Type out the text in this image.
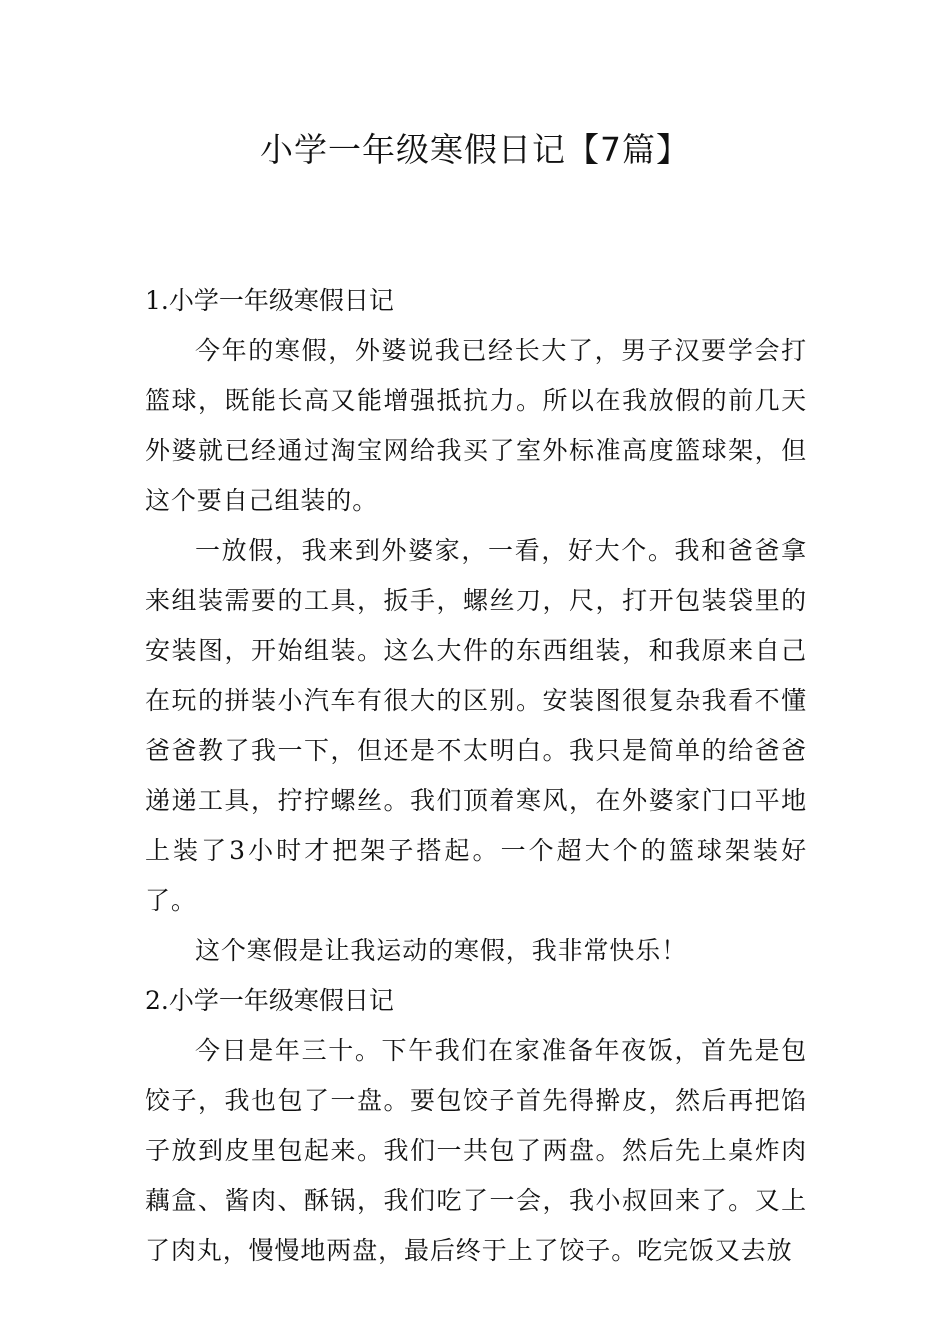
小学一年级寒假日记【7篇】

1.小学一年级寒假日记

今年的寒假，外婆说我已经长大了，男子汉要学会打篮球，既能长高又能增强抵抗力。所以在我放假的前几天外婆就已经通过淘宝网给我买了室外标准高度篮球架，但这个要自己组装的。

一放假，我来到外婆家，一看，好大个。我和爸爸拿来组装需要的工具，扳手，螺丝刀，尺，打开包装袋里的安装图，开始组装。这么大件的东西组装，和我原来自己在玩的拼装小汽车有很大的区别。安装图很复杂我看不懂爸爸教了我一下，但还是不太明白。我只是简单的给爸爸递递工具，拧拧螺丝。我们顶着寒风，在外婆家门口平地上装了3小时才把架子搭起。一个超大个的篮球架装好了。

这个寒假是让我运动的寒假，我非常快乐！

2.小学一年级寒假日记

今日是年三十。下午我们在家准备年夜饭，首先是包饺子，我也包了一盘。要包饺子首先得擀皮，然后再把馅子放到皮里包起来。我们一共包了两盘。然后先上桌炸肉藕盒、酱肉、酥锅，我们吃了一会，我小叔回来了。又上了肉丸，慢慢地两盘，最后终于上了饺子。吃完饭又去放
